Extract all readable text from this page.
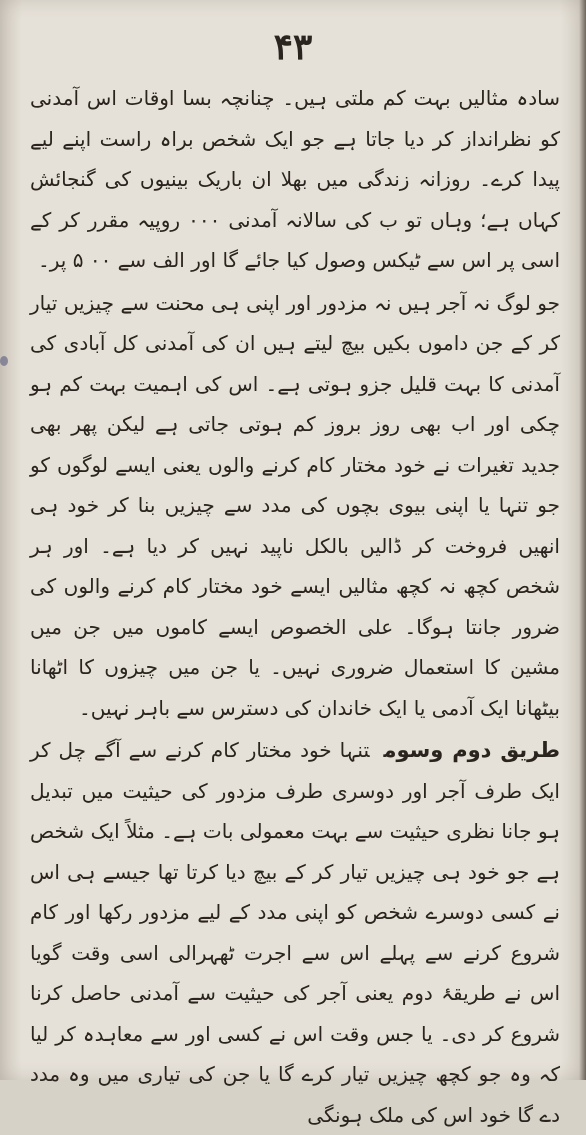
۴۳

سادہ مثالیں بہت کم ملتی ہیں۔ چنانچہ بسا اوقات اس آمدنی کو نظرانداز کر دیا جاتا ہے جو ایک شخص براہ راست اپنے لیے پیدا کرے۔ روزانہ زندگی میں بھلا ان باریک بینیوں کی گنجائش کہاں ہے؛ وہاں تو ب کی سالانہ آمدنی ۰۰۰ روپیہ مقرر کر کے اسی پر اس سے ٹیکس وصول کیا جائے گا اور الف سے ۰۰ ۵ پر۔

جو لوگ نہ آجر ہیں نہ مزدور اور اپنی ہی محنت سے چیزیں تیار کر کے جن داموں بکیں بیچ لیتے ہیں ان کی آمدنی کل آبادی کی آمدنی کا بہت قلیل جزو ہوتی ہے۔ اس کی اہمیت بہت کم ہو چکی اور اب بھی روز بروز کم ہوتی جاتی ہے لیکن پھر بھی جدید تغیرات نے خود مختار کام کرنے والوں یعنی ایسے لوگوں کو جو تنہا یا اپنی بیوی بچوں کی مدد سے چیزیں بنا کر خود ہی انھیں فروخت کر ڈالیں بالکل ناپید نہیں کر دیا ہے۔ اور ہر شخص کچھ نہ کچھ مثالیں ایسے خود مختار کام کرنے والوں کی ضرور جانتا ہوگا۔ علی الخصوص ایسے کاموں میں جن میں مشین کا استعمال ضروری نہیں۔ یا جن میں چیزوں کا اٹھانا بیٹھانا ایک آدمی یا ایک خاندان کی دسترس سے باہر نہیں۔

طریق دوم وسومتنہا خود مختار کام کرنے سے آگے چل کر ایک طرف آجر اور دوسری طرف مزدور کی حیثیت میں تبدیل ہو جانا نظری حیثیت سے بہت معمولی بات ہے۔ مثلاً ایک شخص ہے جو خود ہی چیزیں تیار کر کے بیچ دیا کرتا تھا جیسے ہی اس نے کسی دوسرے شخص کو اپنی مدد کے لیے مزدور رکھا اور کام شروع کرنے سے پہلے اس سے اجرت ٹھہرالی اسی وقت گویا اس نے طریقۂ دوم یعنی آجر کی حیثیت سے آمدنی حاصل کرنا شروع کر دی۔ یا جس وقت اس نے کسی اور سے معاہدہ کر لیا کہ وہ جو کچھ چیزیں تیار کرے گا یا جن کی تیاری میں وہ مدد دے گا خود اس کی ملک ہونگی
